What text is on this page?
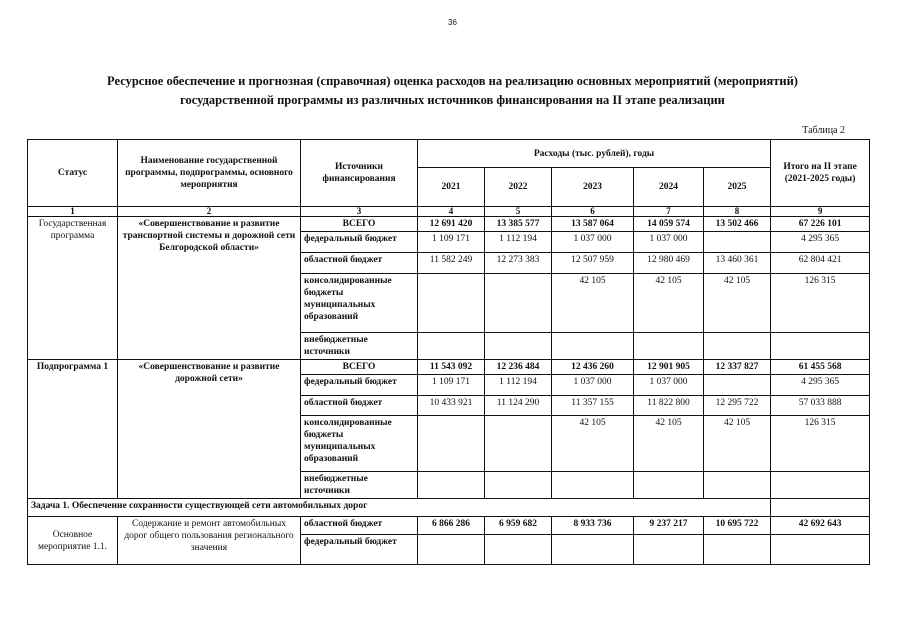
36
Ресурсное обеспечение и прогнозная (справочная) оценка расходов на реализацию основных мероприятий (мероприятий)
государственной программы из различных источников финансирования на II этапе реализации
Таблица 2
Статус	Наименование государственной программы, подпрограммы, основного мероприятия	Источники финансирования	Расходы (тыс. рублей), годы					Итого на II этапе (2021-2025 годы)
			2021	2022	2023	2024	2025	
1	2	3	4	5	6	7	8	9
Государственная программа	«Совершенствование и развитие транспортной системы и дорожной сети Белгородской области»	ВСЕГО	12 691 420	13 385 577	13 587 064	14 059 574	13 502 466	67 226 101
		федеральный бюджет	1 109 171	1 112 194	1 037 000	1 037 000		4 295 365
		областной бюджет	11 582 249	12 273 383	12 507 959	12 980 469	13 460 361	62 804 421
		консолидированные бюджеты муниципальных образований			42 105	42 105	42 105	126 315
		внебюджетные источники						
Подпрограмма 1	«Совершенствование и развитие дорожной сети»	ВСЕГО	11 543 092	12 236 484	12 436 260	12 901 905	12 337 827	61 455 568
		федеральный бюджет	1 109 171	1 112 194	1 037 000	1 037 000		4 295 365
		областной бюджет	10 433 921	11 124 290	11 357 155	11 822 800	12 295 722	57 033 888
		консолидированные бюджеты муниципальных образований			42 105	42 105	42 105	126 315
		внебюджетные источники						
Задача 1. Обеспечение сохранности существующей сети автомобильных дорог								
Основное мероприятие 1.1.	Содержание и ремонт автомобильных дорог общего пользования регионального значения	областной бюджет	6 866 286	6 959 682	8 933 736	9 237 217	10 695 722	42 692 643
		федеральный бюджет						
